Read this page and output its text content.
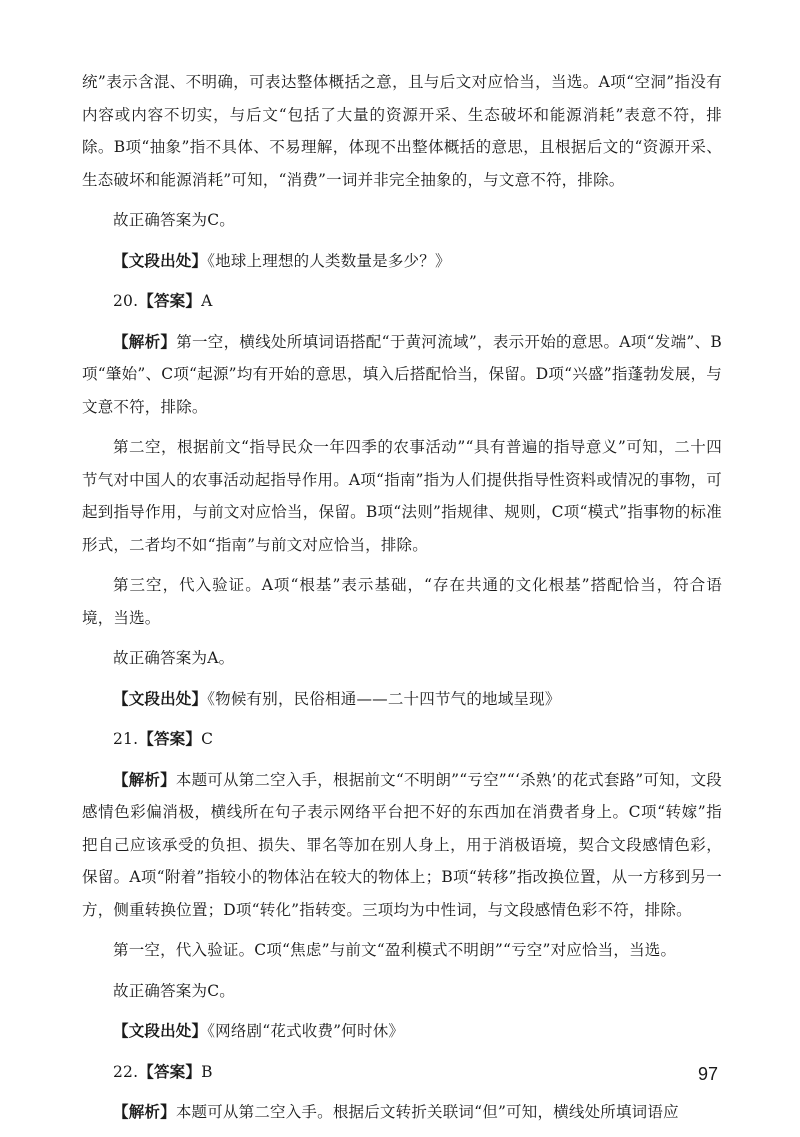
统”表示含混、不明确，可表达整体概括之意，且与后文对应恰当，当选。A项“空洞”指没有内容或内容不切实，与后文“包括了大量的资源开采、生态破坏和能源消耗”表意不符，排除。B项“抽象”指不具体、不易理解，体现不出整体概括的意思，且根据后文的“资源开采、生态破坏和能源消耗”可知，“消费”一词并非完全抽象的，与文意不符，排除。

故正确答案为C。

【文段出处】《地球上理想的人类数量是多少？》

20.【答案】A

【解析】第一空，横线处所填词语搭配“于黄河流域”，表示开始的意思。A项“发端”、B项“肇始”、C项“起源”均有开始的意思，填入后搭配恰当，保留。D项“兴盛”指蓬勃发展，与文意不符，排除。

第二空，根据前文“指导民众一年四季的农事活动”“具有普遍的指导意义”可知，二十四节气对中国人的农事活动起指导作用。A项“指南”指为人们提供指导性资料或情况的事物，可起到指导作用，与前文对应恰当，保留。B项“法则”指规律、规则，C项“模式”指事物的标准形式，二者均不如“指南”与前文对应恰当，排除。

第三空，代入验证。A项“根基”表示基础，“存在共通的文化根基”搭配恰当，符合语境，当选。

故正确答案为A。

【文段出处】《物候有别，民俗相通——二十四节气的地域呈现》

21.【答案】C

【解析】本题可从第二空入手，根据前文“不明朗”“亏空”“‘杀熟’的花式套路”可知，文段感情色彩偏消极，横线所在句子表示网络平台把不好的东西加在消费者身上。C项“转嫁”指把自己应该承受的负担、损失、罪名等加在别人身上，用于消极语境，契合文段感情色彩，保留。A项“附着”指较小的物体沾在较大的物体上；B项“转移”指改换位置，从一方移到另一方，侧重转换位置；D项“转化”指转变。三项均为中性词，与文段感情色彩不符，排除。

第一空，代入验证。C项“焦虑”与前文“盈利模式不明朗”“亏空”对应恰当，当选。

故正确答案为C。

【文段出处】《网络剧“花式收费”何时休》

22.【答案】B

【解析】本题可从第二空入手。根据后文转折关联词“但”可知，横线处所填词语应

97
